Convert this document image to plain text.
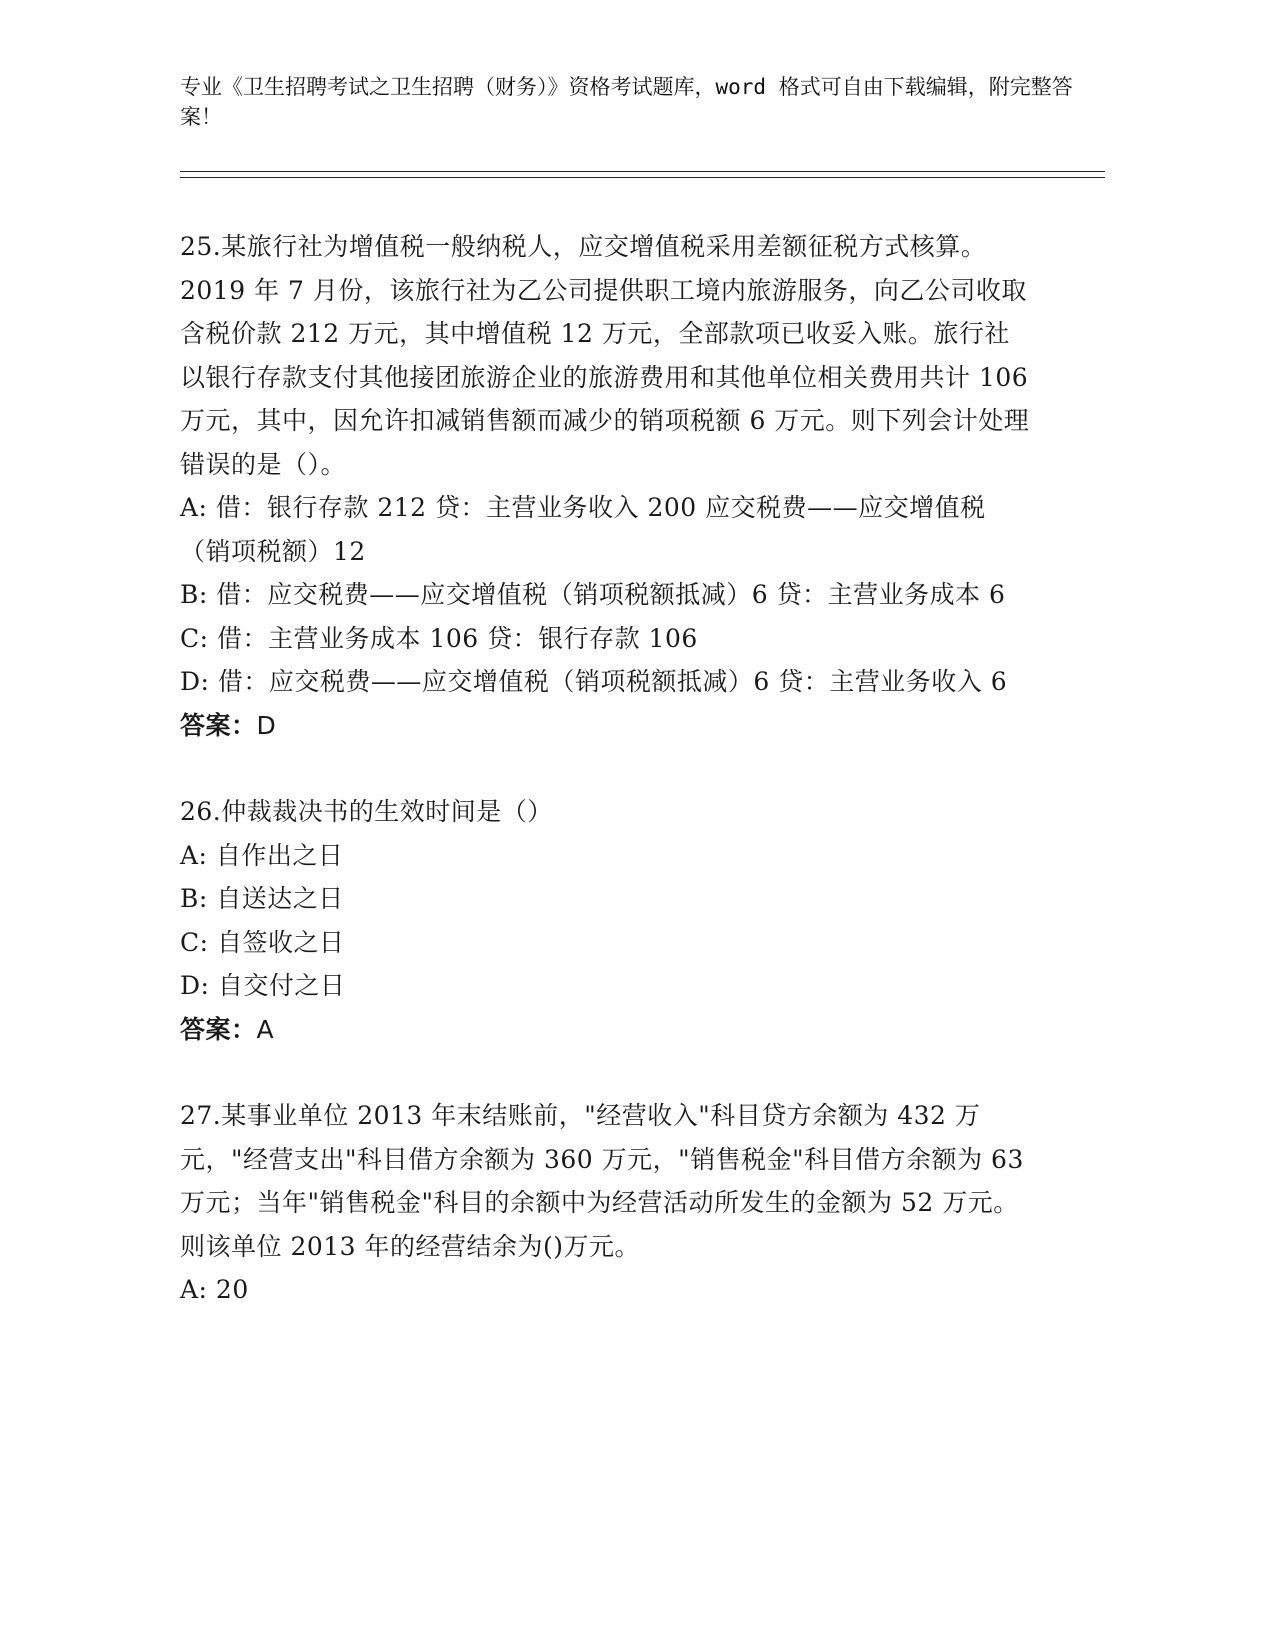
专业《卫生招聘考试之卫生招聘（财务）》资格考试题库，word 格式可自由下载编辑，附完整答案！

25.某旅行社为增值税一般纳税人，应交增值税采用差额征税方式核算。2019 年 7 月份，该旅行社为乙公司提供职工境内旅游服务，向乙公司收取含税价款 212 万元，其中增值税 12 万元，全部款项已收妥入账。旅行社以银行存款支付其他接团旅游企业的旅游费用和其他单位相关费用共计 106 万元，其中，因允许扣减销售额而减少的销项税额 6 万元。则下列会计处理错误的是（）。

A: 借：银行存款 212 贷：主营业务收入 200 应交税费——应交增值税（销项税额）12

B: 借：应交税费——应交增值税（销项税额抵减）6 贷：主营业务成本 6

C: 借：主营业务成本 106 贷：银行存款 106

D: 借：应交税费——应交增值税（销项税额抵减）6 贷：主营业务收入 6

答案：D

26.仲裁裁决书的生效时间是（）

A: 自作出之日

B: 自送达之日

C: 自签收之日

D: 自交付之日

答案：A

27.某事业单位 2013 年末结账前，"经营收入"科目贷方余额为 432 万元，"经营支出"科目借方余额为 360 万元，"销售税金"科目借方余额为 63 万元；当年"销售税金"科目的余额中为经营活动所发生的金额为 52 万元。则该单位 2013 年的经营结余为()万元。

A: 20
